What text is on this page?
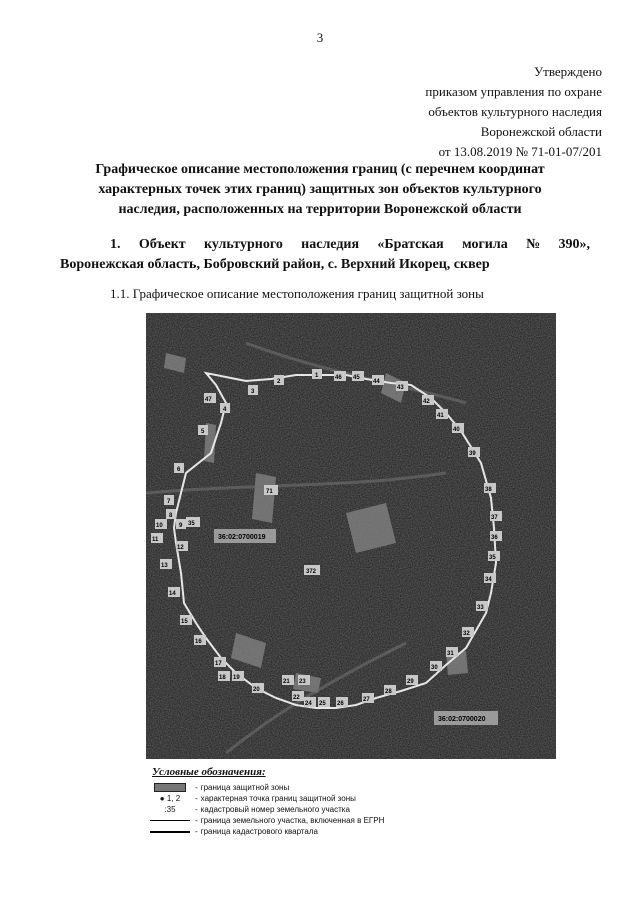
3
Утверждено
приказом управления по охране
объектов культурного наследия
Воронежской области
от 13.08.2019 № 71-01-07/201
Графическое описание местоположения границ (с перечнем координат
характерных точек этих границ) защитных зон объектов культурного
наследия, расположенных на территории Воронежской области
1. Объект культурного наследия «Братская могила № 390»,
Воронежская область, Бобровский район, с. Верхний Икорец, сквер
1.1. Графическое описание местоположения границ защитной зоны
36:02:0700019
36:02:0700020
1
2
3
4
5
6
7
8
9
10
11
12
13
14
15
16
17
18 19
20
21
22
23
24 25 26
27
28
29
30
31
32
33
34
35
36
37
38
39
40
41
42
43
44
45
46
47
35
71
372
Условные обозначения:
- граница защитной зоны
● 1, 2	- характерная точка границ защитной зоны
:35	- кадастровый номер земельного участка
- граница земельного участка, включенная в ЕГРН
- граница кадастрового квартала
